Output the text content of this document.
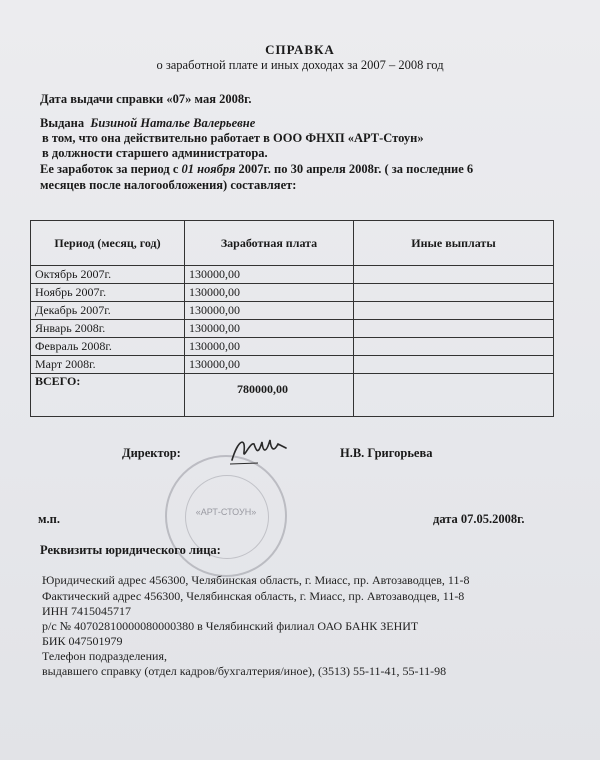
СПРАВКА
о заработной плате и иных доходах за 2007 – 2008 год
Дата выдачи справки «07» мая 2008г.
Выдана Бизиной Наталье Валерьевне
в том, что она действительно работает в ООО ФНХП «АРТ-Стоун»
в должности старшего администратора.
Ее заработок за период с 01 ноября 2007г. по 30 апреля 2008г. ( за последние 6
месяцев после налогообложения) составляет:
Период (месяц, год)	Заработная плата	Иные выплаты
Октябрь 2007г.	130000,00	
Ноябрь 2007г.	130000,00	
Декабрь 2007г.	130000,00	
Январь 2008г.	130000,00	
Февраль 2008г.	130000,00	
Март 2008г.	130000,00	
ВСЕГО:	780000,00	
«АРТ-СТОУН»
Директор:	Н.В. Григорьева
м.п.	дата 07.05.2008г.
Реквизиты юридического лица:
Юридический адрес 456300, Челябинская область, г. Миасс, пр. Автозаводцев, 11-8
Фактический адрес 456300, Челябинская область, г. Миасс, пр. Автозаводцев, 11-8
ИНН 7415045717
р/с № 40702810000080000380 в Челябинский филиал ОАО БАНК ЗЕНИТ
БИК 047501979
Телефон подразделения,
выдавшего справку (отдел кадров/бухгалтерия/иное), (3513) 55-11-41, 55-11-98
